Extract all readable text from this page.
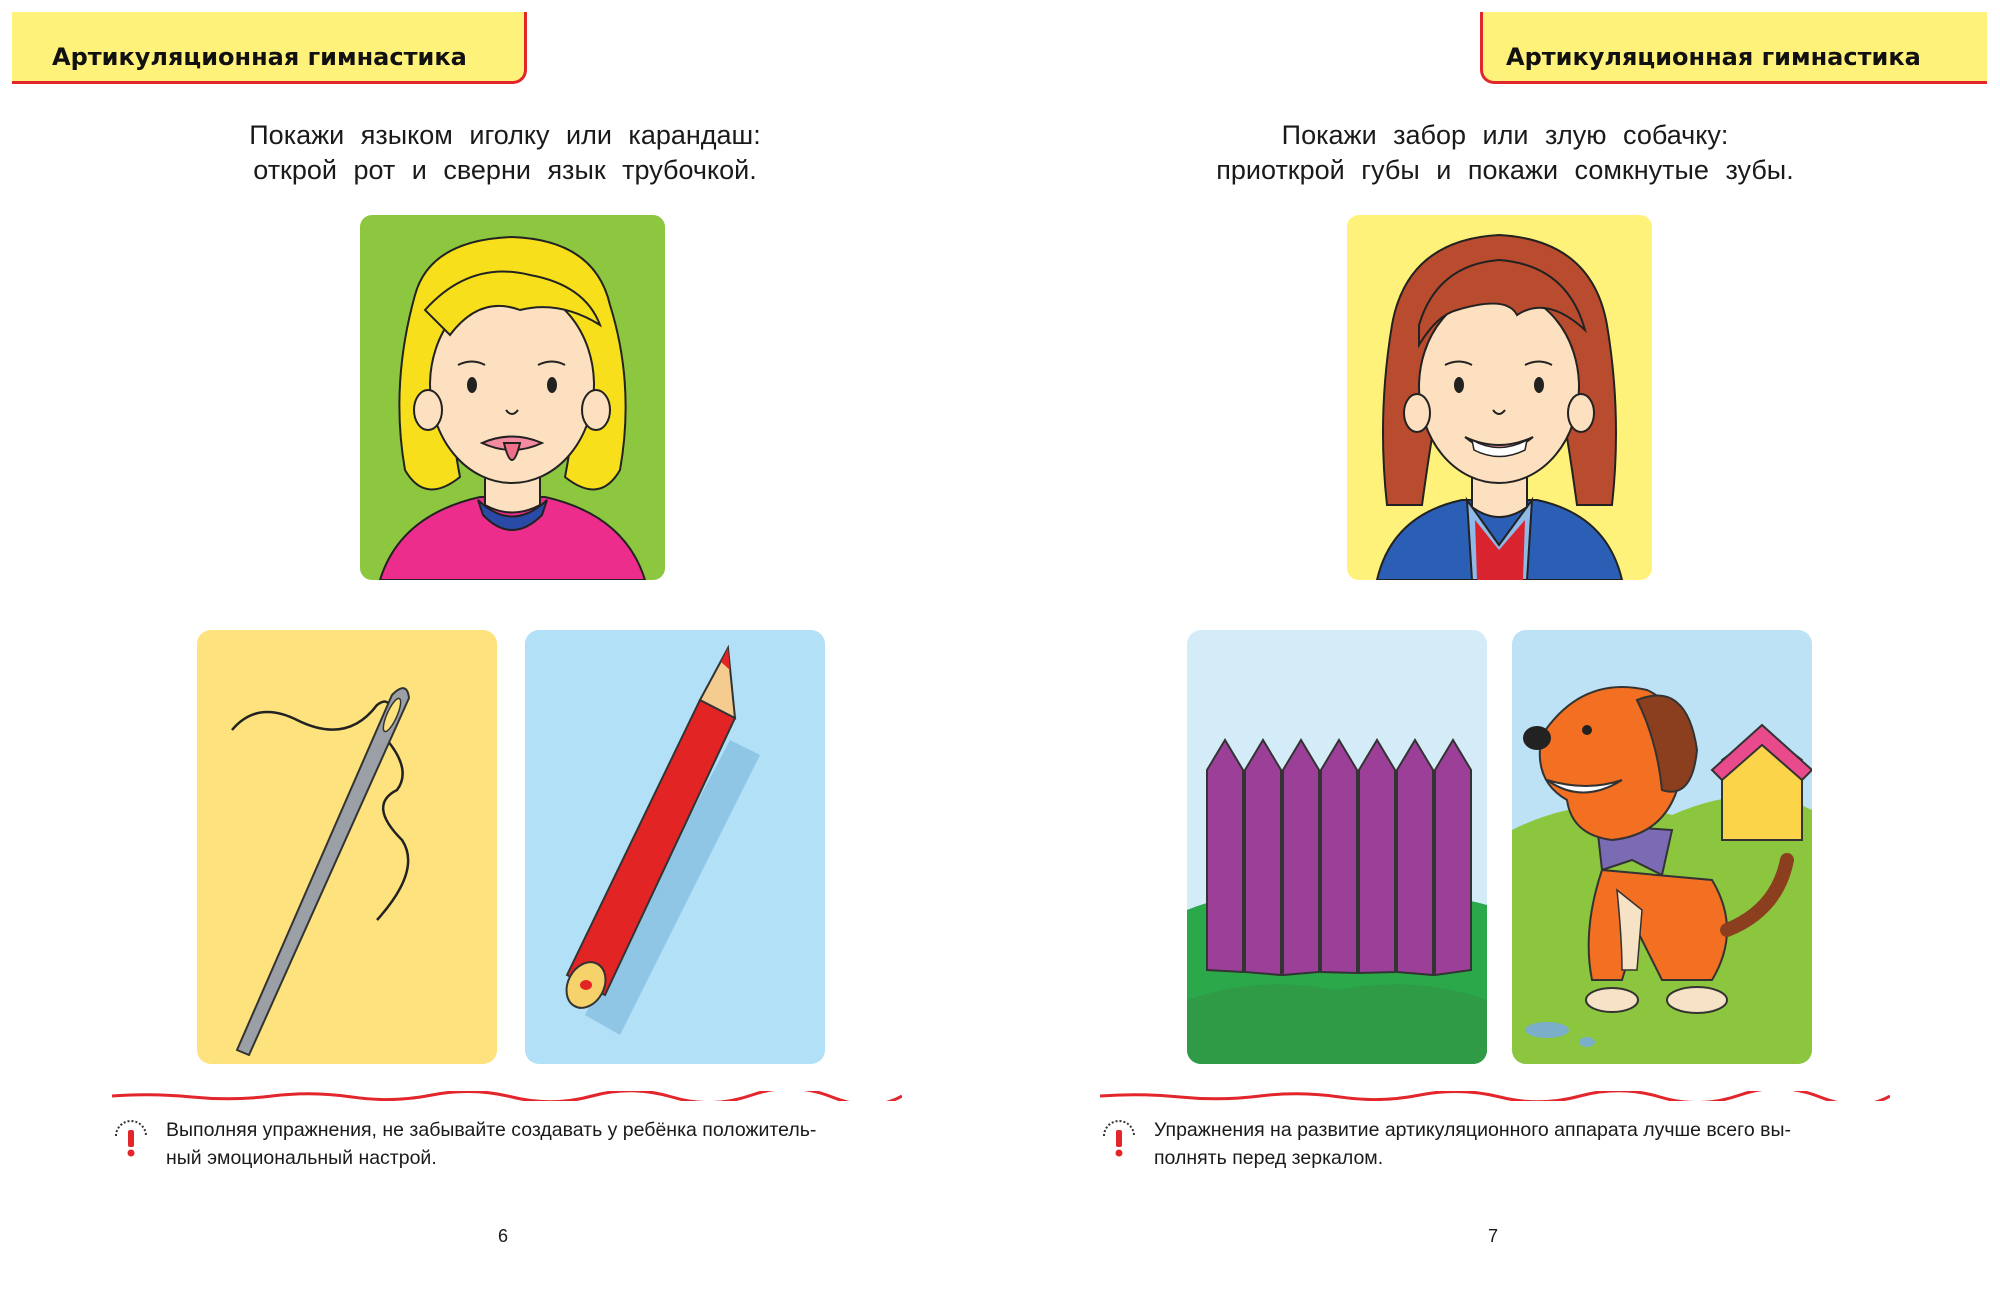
Артикуляционная гимнастика
Покажи языком иголку или карандаш:
открой рот и сверни язык трубочкой.
Выполняя упражнения, не забывайте создавать у ребёнка положитель-
ный эмоциональный настрой.
6
Артикуляционная гимнастика
Покажи забор или злую собачку:
приоткрой губы и покажи сомкнутые зубы.
Упражнения на развитие артикуляционного аппарата лучше всего вы-
полнять перед зеркалом.
7
